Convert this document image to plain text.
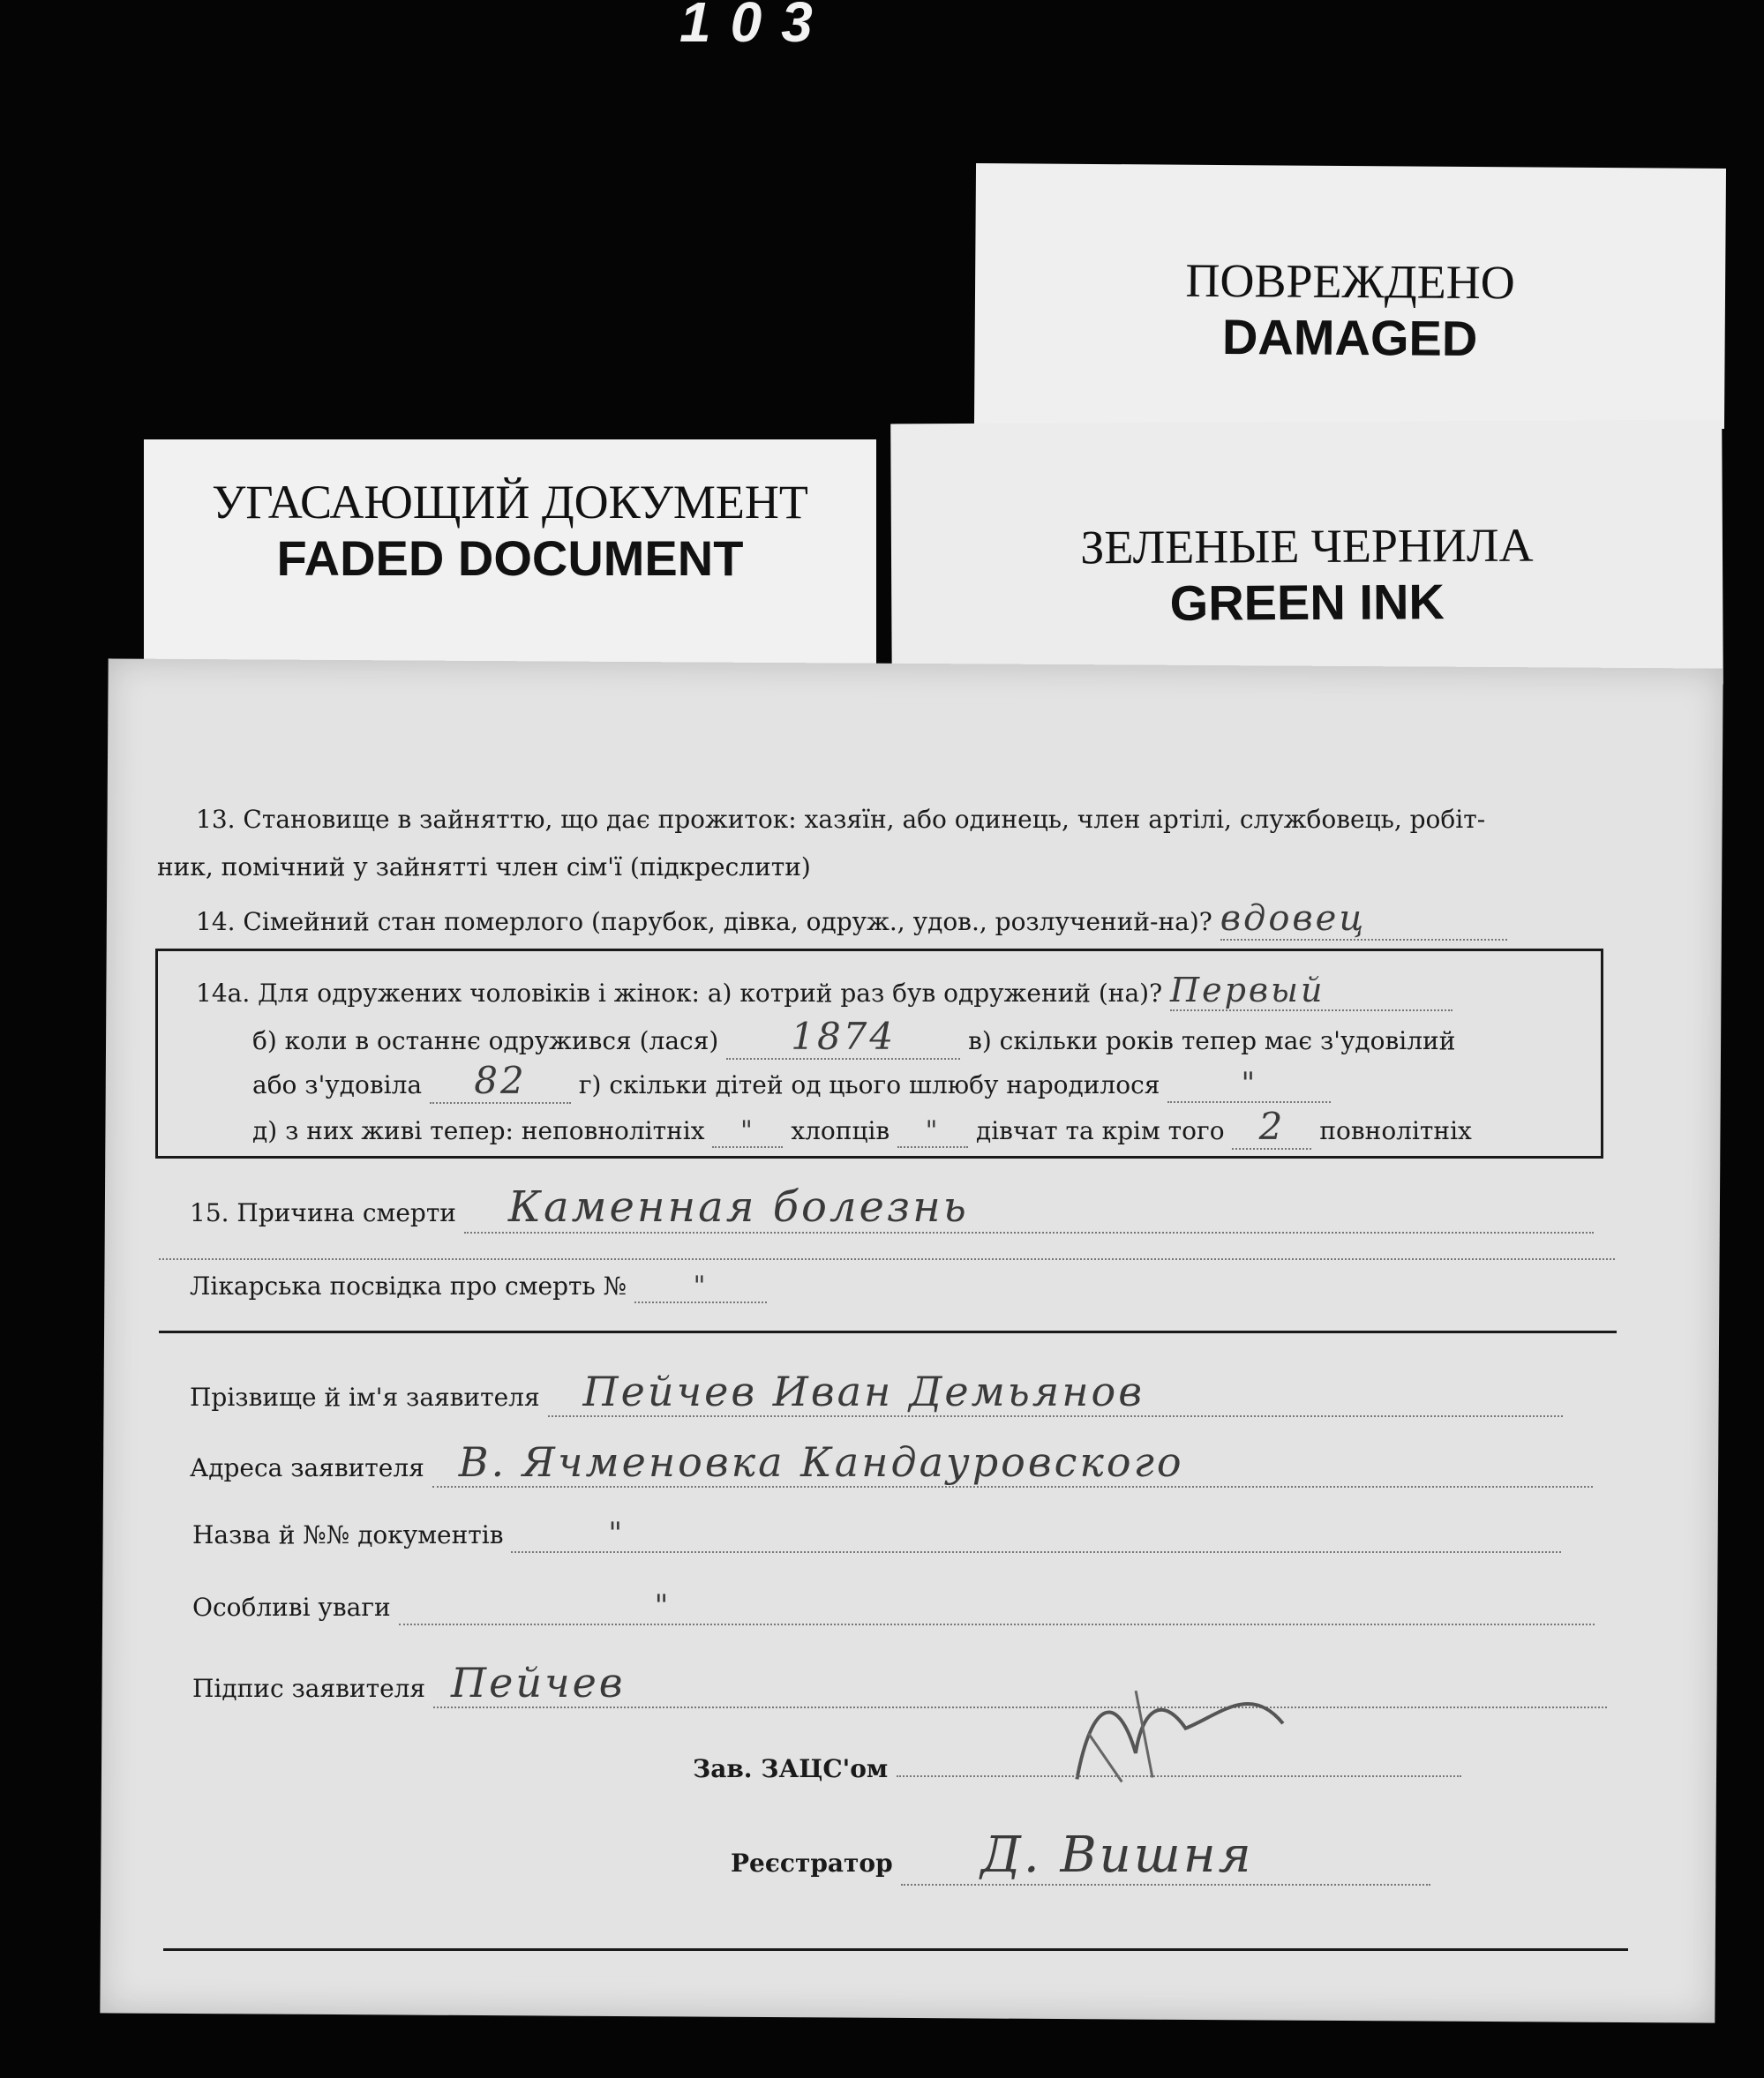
103
ПОВРЕЖДЕНО
DAMAGED
ЗЕЛЕНЫЕ ЧЕРНИЛА
GREEN INK
УГАСАЮЩИЙ ДОКУМЕНТ
FADED DOCUMENT
13. Становище в зайняттю, що дає прожиток: хазяїн, або одинець, член артілі, службовець, робіт-
ник, помічний у зайнятті член сім'ї (підкреслити)
14. Сімейний стан померлого (парубок, дівка, одруж., удов., розлучений-на)? вдовец
14а. Для одружених чоловіків і жінок: а) котрий раз був одружений (на)? Первый
б) коли в останнє одружився (лася) 1874	в) скільки років тепер має з'удовілий
або з'удовіла 82 г) скільки дітей од цього шлюбу народилося	"
д) з них живі тепер: неповнолітніх " хлопців " дівчат та крім того 2 повнолітніх
15. Причина смерти Каменная болезнь
Лікарська посвідка про смерть №	"
Прізвище й ім'я заявителя Пейчев Иван Демьянов
Адреса заявителя В. Ячменовка Кандауровского
Назва й №№ документів	"
Особливі уваги	"
Підпис заявителя Пейчев
Зав. ЗАЦС'ом
Реєстратор Д. Вишня
